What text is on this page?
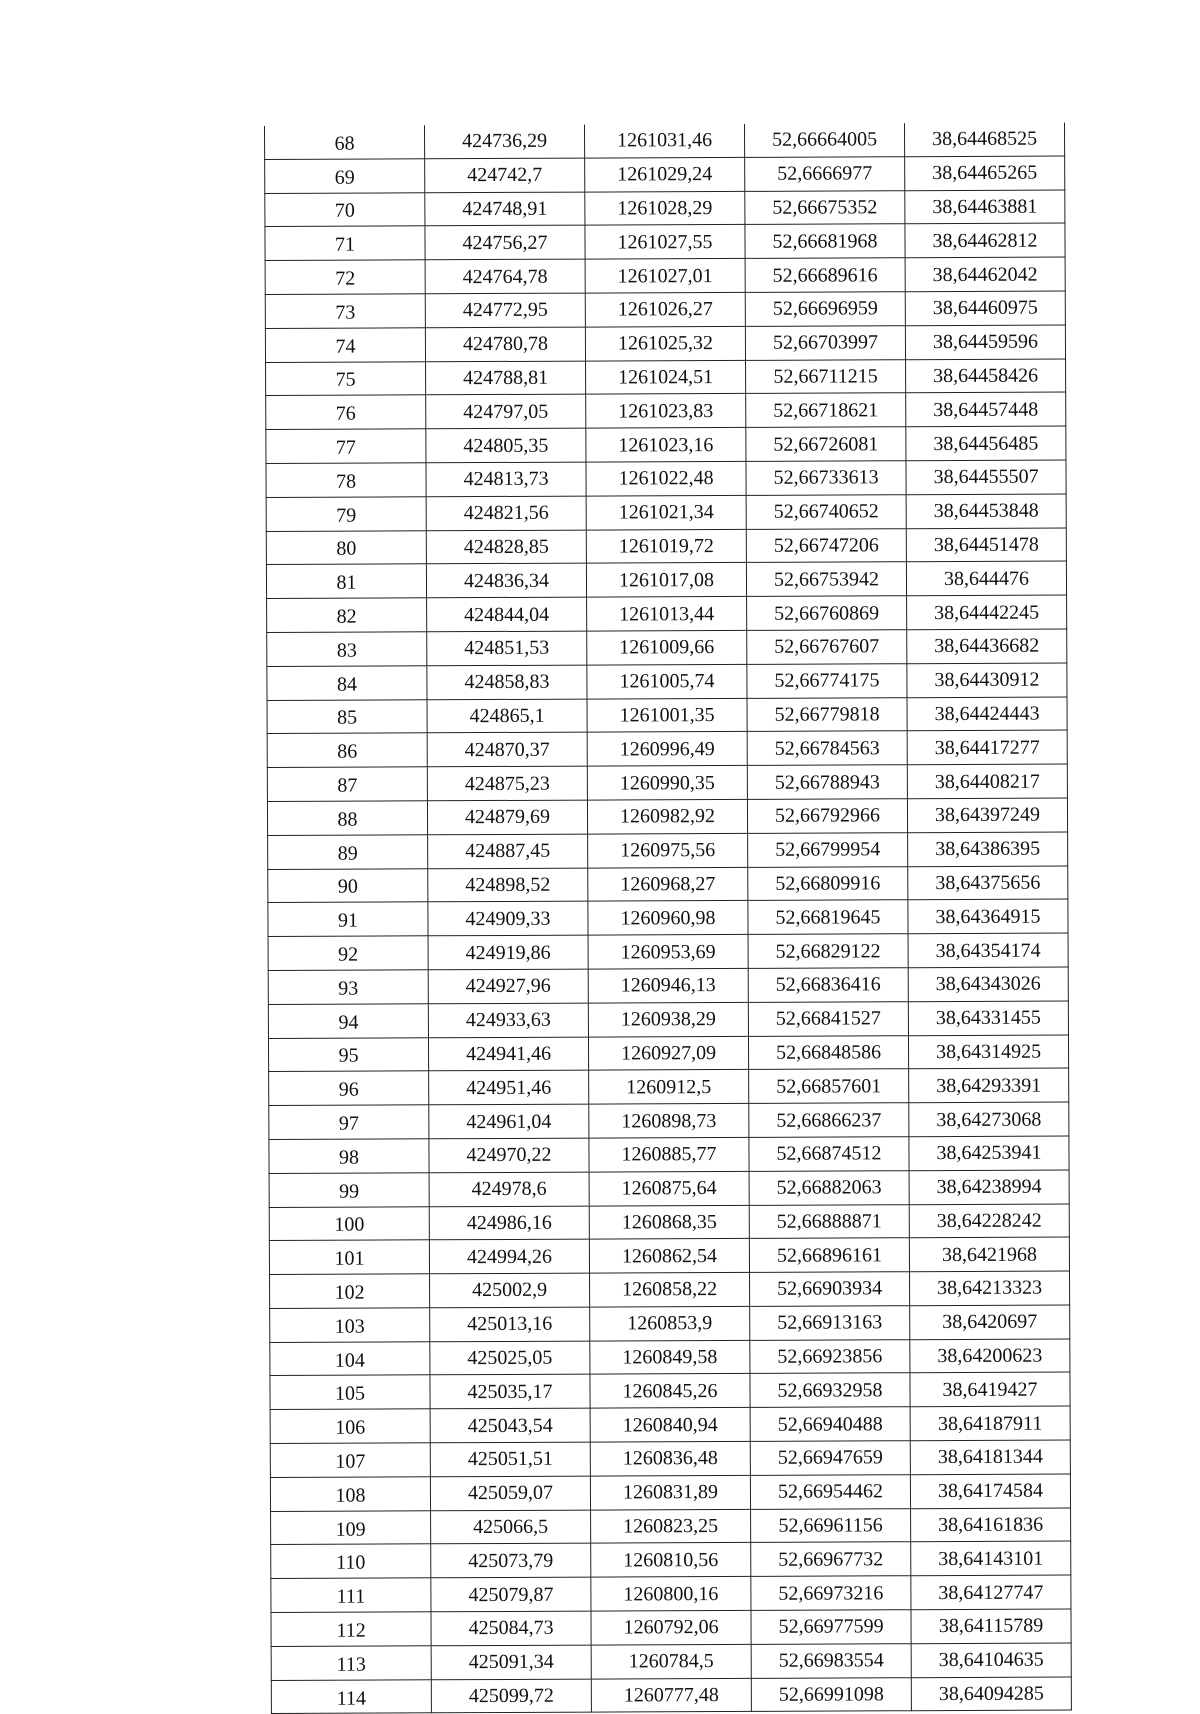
68	424736,29	1261031,46	52,66664005	38,64468525
69	424742,7	1261029,24	52,6666977	38,64465265
70	424748,91	1261028,29	52,66675352	38,64463881
71	424756,27	1261027,55	52,66681968	38,64462812
72	424764,78	1261027,01	52,66689616	38,64462042
73	424772,95	1261026,27	52,66696959	38,64460975
74	424780,78	1261025,32	52,66703997	38,64459596
75	424788,81	1261024,51	52,66711215	38,64458426
76	424797,05	1261023,83	52,66718621	38,64457448
77	424805,35	1261023,16	52,66726081	38,64456485
78	424813,73	1261022,48	52,66733613	38,64455507
79	424821,56	1261021,34	52,66740652	38,64453848
80	424828,85	1261019,72	52,66747206	38,64451478
81	424836,34	1261017,08	52,66753942	38,644476
82	424844,04	1261013,44	52,66760869	38,64442245
83	424851,53	1261009,66	52,66767607	38,64436682
84	424858,83	1261005,74	52,66774175	38,64430912
85	424865,1	1261001,35	52,66779818	38,64424443
86	424870,37	1260996,49	52,66784563	38,64417277
87	424875,23	1260990,35	52,66788943	38,64408217
88	424879,69	1260982,92	52,66792966	38,64397249
89	424887,45	1260975,56	52,66799954	38,64386395
90	424898,52	1260968,27	52,66809916	38,64375656
91	424909,33	1260960,98	52,66819645	38,64364915
92	424919,86	1260953,69	52,66829122	38,64354174
93	424927,96	1260946,13	52,66836416	38,64343026
94	424933,63	1260938,29	52,66841527	38,64331455
95	424941,46	1260927,09	52,66848586	38,64314925
96	424951,46	1260912,5	52,66857601	38,64293391
97	424961,04	1260898,73	52,66866237	38,64273068
98	424970,22	1260885,77	52,66874512	38,64253941
99	424978,6	1260875,64	52,66882063	38,64238994
100	424986,16	1260868,35	52,66888871	38,64228242
101	424994,26	1260862,54	52,66896161	38,6421968
102	425002,9	1260858,22	52,66903934	38,64213323
103	425013,16	1260853,9	52,66913163	38,6420697
104	425025,05	1260849,58	52,66923856	38,64200623
105	425035,17	1260845,26	52,66932958	38,6419427
106	425043,54	1260840,94	52,66940488	38,64187911
107	425051,51	1260836,48	52,66947659	38,64181344
108	425059,07	1260831,89	52,66954462	38,64174584
109	425066,5	1260823,25	52,66961156	38,64161836
110	425073,79	1260810,56	52,66967732	38,64143101
111	425079,87	1260800,16	52,66973216	38,64127747
112	425084,73	1260792,06	52,66977599	38,64115789
113	425091,34	1260784,5	52,66983554	38,64104635
114	425099,72	1260777,48	52,66991098	38,64094285
